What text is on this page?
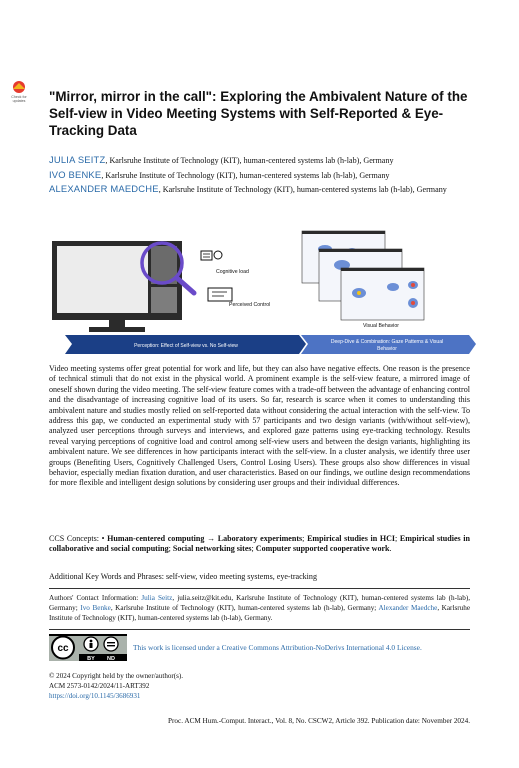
Check for
updates	"Mirror, mirror in the call": Exploring the Ambivalent Nature of the Self-view in Video Meeting Systems with Self-Reported & Eye-Tracking Data
JULIA SEITZ, Karlsruhe Institute of Technology (KIT), human-centered systems lab (h-lab), Germany
IVO BENKE, Karlsruhe Institute of Technology (KIT), human-centered systems lab (h-lab), Germany
ALEXANDER MAEDCHE, Karlsruhe Institute of Technology (KIT), human-centered systems lab (h-lab), Germany
Cognitive load
Perceived Control
Visual Behavior
Perception: Effect of Self-view vs. No Self-view
Deep-Dive & Combination: Gaze Patterns & Visual
Behavior

Video meeting systems offer great potential for work and life, but they can also have negative effects. One reason is the presence of technical stimuli that do not exist in the physical world. A prominent example is the self-view feature, a mirrored image of oneself shown during the video meeting. The self-view feature comes with a trade-off between the advantage of enhancing control and the disadvantage of increasing cognitive load of its users. So far, research is scarce when it comes to understanding this ambivalent nature and studies mostly relied on self-reported data without considering the actual interaction with the self-view. To address this gap, we conducted an experimental study with 57 participants and two design variants (with/without self-view), analyzed user perceptions through surveys and interviews, and explored gaze patterns using eye-tracking technology. Results reveal varying perceptions of cognitive load and control among self-view users and between the design variants, highlighting its ambivalent nature. We see differences in how participants interact with the self-view. In a cluster analysis, we identify three user groups (Benefiting Users, Cognitively Challenged Users, Control Losing Users). These groups also show differences in visual behavior, especially median fixation duration, and user characteristics. Based on our findings, we outline design recommendations for more flexible and intelligent design solutions by considering user groups and their individual differences.

CCS Concepts: • Human-centered computing → Laboratory experiments; Empirical studies in HCI; Empirical studies in collaborative and social computing; Social networking sites; Computer supported cooperative work.
Additional Key Words and Phrases: self-view, video meeting systems, eye-tracking
Authors' Contact Information: Julia Seitz, julia.seitz@kit.edu, Karlsruhe Institute of Technology (KIT), human-centered systems lab (h-lab), Germany; Ivo Benke, Karlsruhe Institute of Technology (KIT), human-centered systems lab (h-lab), Germany; Alexander Maedche, Karlsruhe Institute of Technology (KIT), human-centered systems lab (h-lab), Germany.
cc
BY ND
This work is licensed under a Creative Commons Attribution-NoDerivs International 4.0 License.
© 2024 Copyright held by the owner/author(s).
ACM 2573-0142/2024/11-ART392
https://doi.org/10.1145/3686931
Proc. ACM Hum.-Comput. Interact., Vol. 8, No. CSCW2, Article 392. Publication date: November 2024.
